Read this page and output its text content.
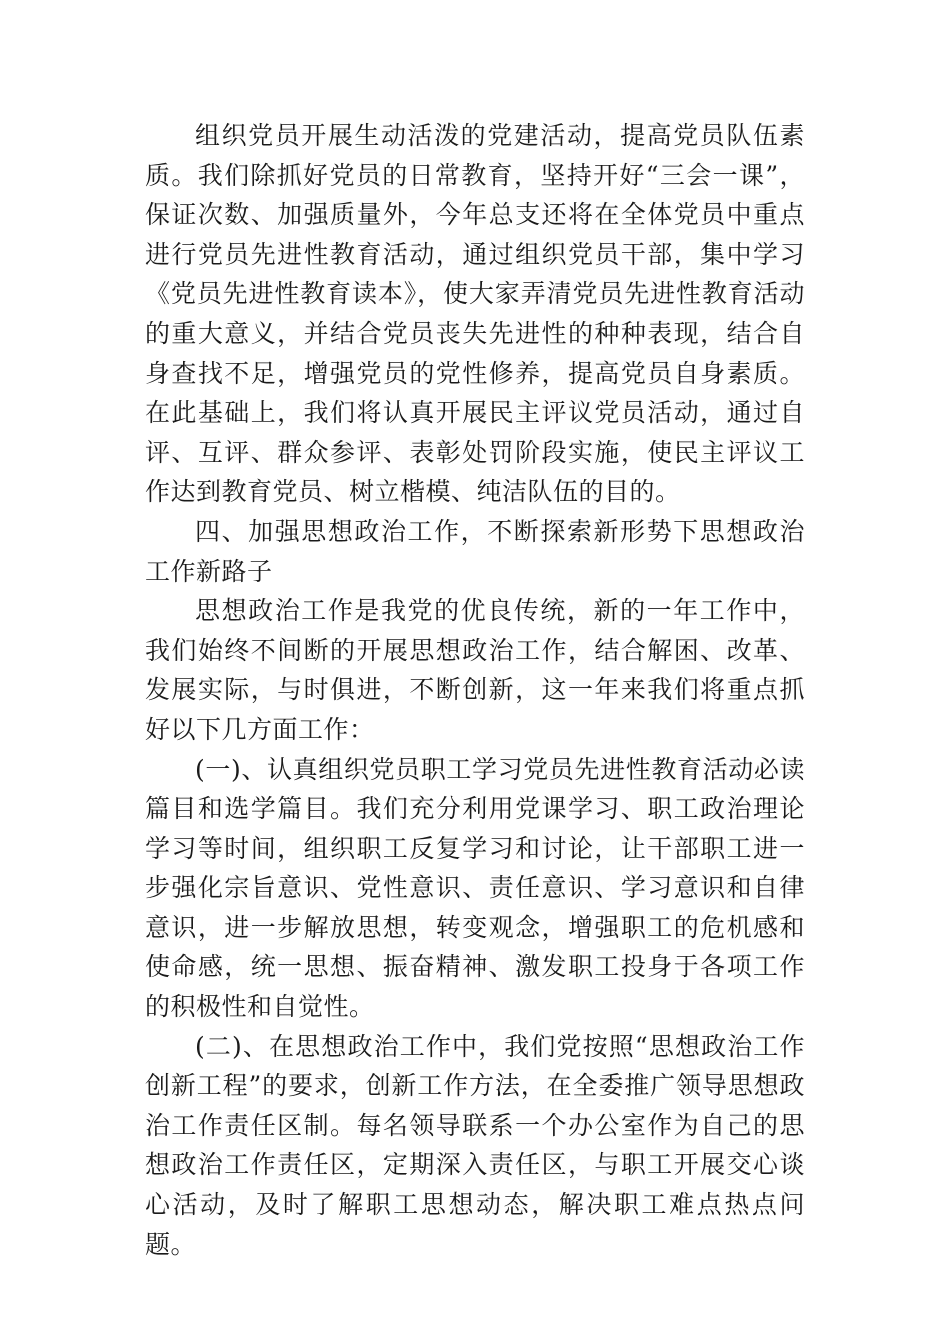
组织党员开展生动活泼的党建活动，提高党员队伍素质。我们除抓好党员的日常教育，坚持开好“三会一课”，保证次数、加强质量外，今年总支还将在全体党员中重点进行党员先进性教育活动，通过组织党员干部，集中学习《党员先进性教育读本》，使大家弄清党员先进性教育活动的重大意义，并结合党员丧失先进性的种种表现，结合自身查找不足，增强党员的党性修养，提高党员自身素质。在此基础上，我们将认真开展民主评议党员活动，通过自评、互评、群众参评、表彰处罚阶段实施，使民主评议工作达到教育党员、树立楷模、纯洁队伍的目的。

四、加强思想政治工作，不断探索新形势下思想政治工作新路子

思想政治工作是我党的优良传统，新的一年工作中，我们始终不间断的开展思想政治工作，结合解困、改革、发展实际，与时俱进，不断创新，这一年来我们将重点抓好以下几方面工作：

(一)、认真组织党员职工学习党员先进性教育活动必读篇目和选学篇目。我们充分利用党课学习、职工政治理论学习等时间，组织职工反复学习和讨论，让干部职工进一步强化宗旨意识、党性意识、责任意识、学习意识和自律意识，进一步解放思想，转变观念，增强职工的危机感和使命感，统一思想、振奋精神、激发职工投身于各项工作的积极性和自觉性。

(二)、在思想政治工作中，我们党按照“思想政治工作创新工程”的要求，创新工作方法，在全委推广领导思想政治工作责任区制。每名领导联系一个办公室作为自己的思想政治工作责任区，定期深入责任区，与职工开展交心谈心活动，及时了解职工思想动态，解决职工难点热点问题。
